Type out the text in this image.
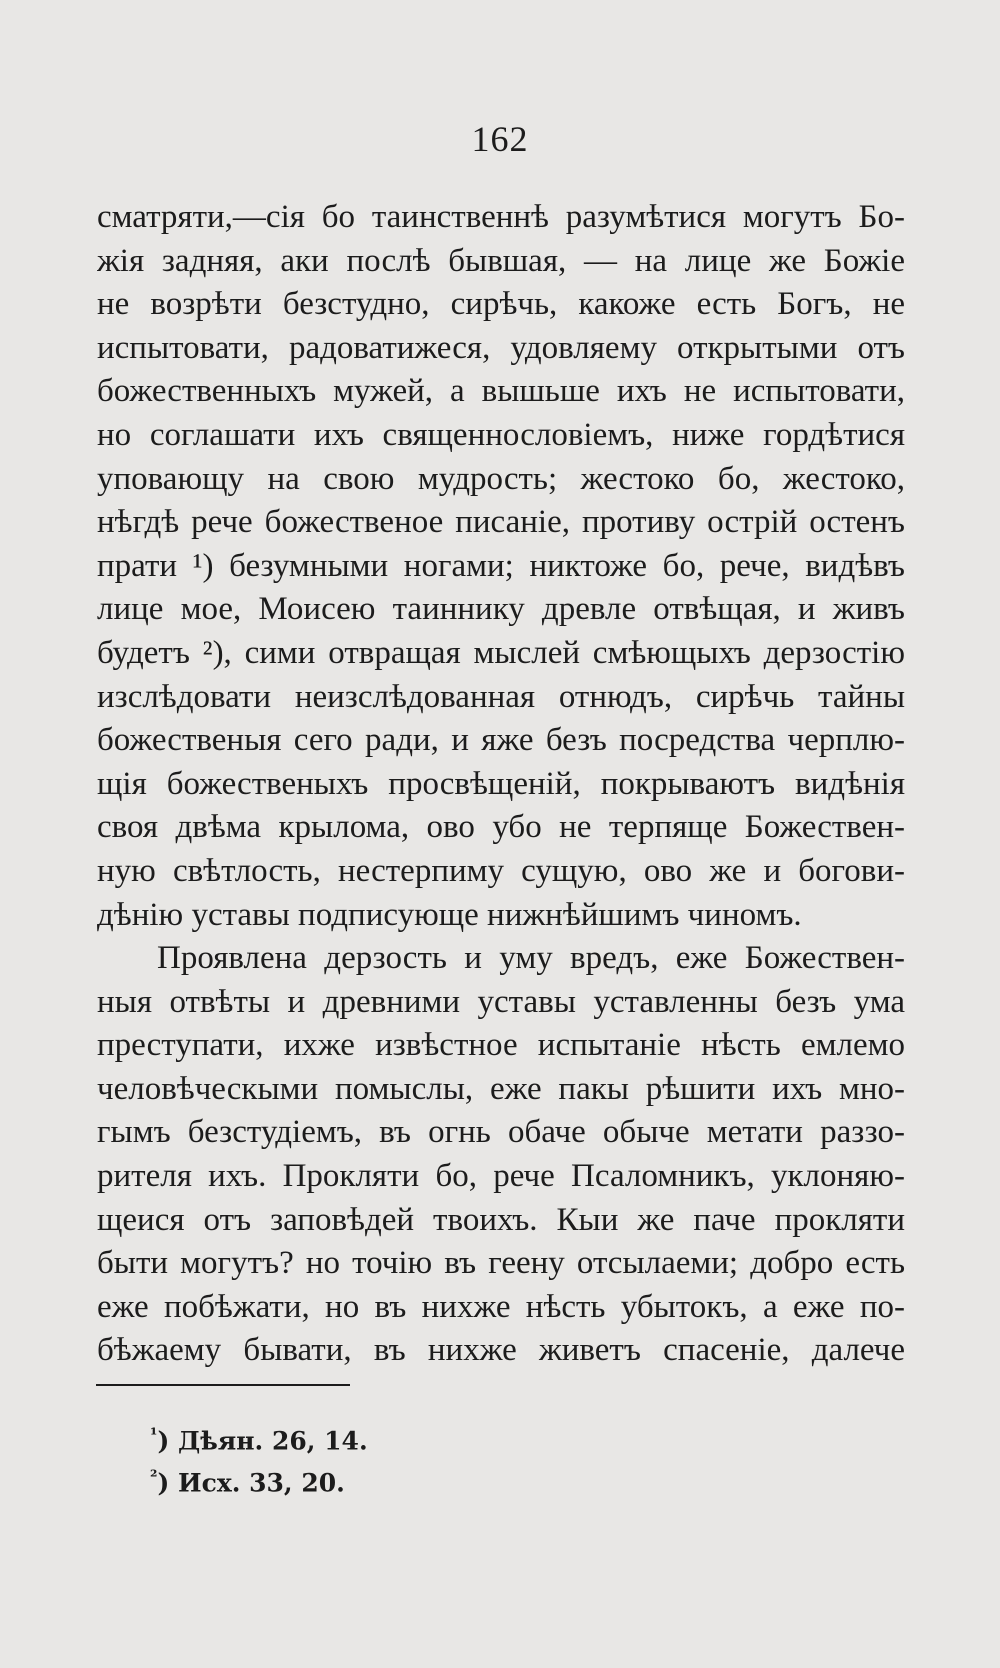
162
сматряти,—сія бо таинственнѣ разумѣтися могутъ Бо-
жія задняя, аки послѣ бывшая, — на лице же Божіе
не возрѣти безстудно, сирѣчь, какоже есть Богъ, не
испытовати, радоватижеся, удовляему открытыми отъ
божественныхъ мужей, а вышьше ихъ не испытовати,
но соглашати ихъ священнословіемъ, ниже гордѣтися
уповающу на свою мудрость; жестоко бо, жестоко,
нѣгдѣ рече божественое писаніе, противу острій остенъ
прати ¹) безумными ногами; никтоже бо, рече, видѣвъ
лице мое, Моисею таиннику древле отвѣщая, и живъ
будетъ ²), сими отвращая мыслей смѣющыхъ дерзостію
изслѣдовати неизслѣдованная отнюдъ, сирѣчь тайны
божественыя сего ради, и яже безъ посредства черплю-
щія божественыхъ просвѣщеній, покрываютъ видѣнія
своя двѣма крылома, ово убо не терпяще Божествен-
ную свѣтлость, нестерпиму сущую, ово же и богови-
дѣнію уставы подписующе нижнѣйшимъ чиномъ.
Проявлена дерзость и уму вредъ, еже Божествен-
ныя отвѣты и древними уставы уставленны безъ ума
преступати, ихже извѣстное испытаніе нѣсть емлемо
человѣческыми помыслы, еже пакы рѣшити ихъ мно-
гымъ безстудіемъ, въ огнь обаче обыче метати раззо-
рителя ихъ. Прокляти бо, рече Псаломникъ, уклоняю-
щеися отъ заповѣдей твоихъ. Кыи же паче прокляти
быти могутъ? но точію въ геену отсылаеми; добро есть
еже побѣжати, но въ нихже нѣсть убытокъ, а еже по-
бѣжаему бывати, въ нихже живетъ спасеніе, далече
$^{^1}$) Дѣян. 26, 14.
$^{^2}$) Исх. 33, 20.
